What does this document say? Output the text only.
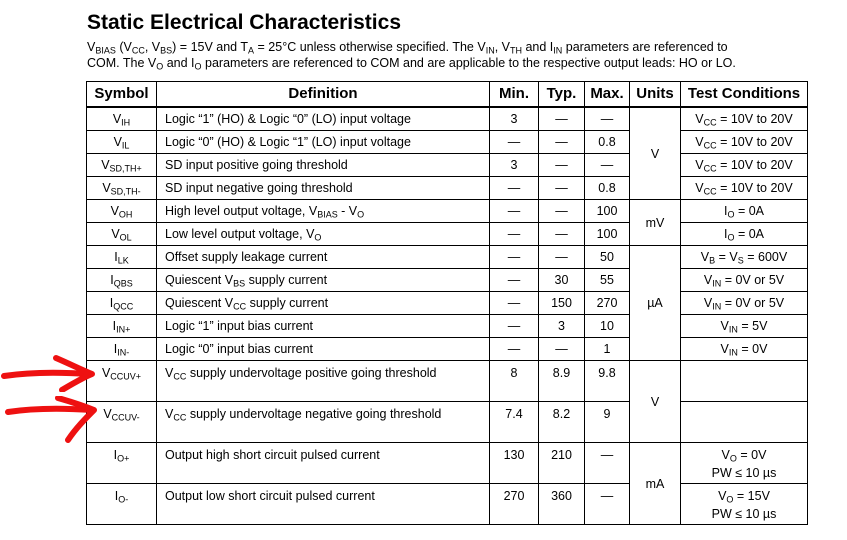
Static Electrical Characteristics
$V_{BIAS}$ ($V_{CC}$, $V_{BS}) = 15V$ and $T_A = 25^\circ C$ unless otherwise specified. The $V_{IN}$, $V_{TH}$ and $I_{IN}$ parameters are referenced to
COM. The $V_O$ and $I_O$ parameters are referenced to COM and are applicable to the respective output leads: HO or LO.
Symbol	Definition	Min.	Typ.	Max.	Units	Test Conditions
$V_{IH}$	Logic “1” (HO) & Logic “0” (LO) input voltage	3	—	—	V	$V_{CC} = 10V$ to 20V

$V_{IL}$	Logic “0” (HO) & Logic “1” (LO) input voltage	—	—	0.8		$V_{CC} = 10V$ to 20V

$V_{SD,TH+}$	SD input positive going threshold	3	—	—		$V_{CC} = 10V$ to 20V

$V_{SD,TH-}$	SD input negative going threshold	—	—	0.8		$V_{CC} = 10V$ to 20V

$V_{OH}$	High level output voltage, $V_{BIAS} - V_O$	—	—	100	mV	$I_O = 0A$

$V_{OL}$	Low level output voltage, $V_O$	—	—	100		$I_O = 0A$

$I_{LK}$	Offset supply leakage current	—	—	50	µA	$V_B = V_S = 600V$

$I_{QBS}$	Quiescent $V_{BS}$ supply current	—	30	55		$V_{IN} = 0V$ or 5V

$I_{QCC}$	Quiescent $V_{CC}$ supply current	—	150	270		$V_{IN} = 0V$ or 5V

$I_{IN+}$	Logic “1” input bias current	—	3	10		$V_{IN} = 5V$

$I_{IN-}$	Logic “0” input bias current	—	—	1		$V_{IN} = 0V$

$V_{CCUV+}$	$V_{CC}$ supply undervoltage positive going threshold	8	8.9	9.8	V	
$V_{CCUV-}$	$V_{CC}$ supply undervoltage negative going threshold	7.4	8.2	9		
$I_{O+}$	Output high short circuit pulsed current	130	210	—	mA	$V_O = 0V$
PW ≤ 10 µs

$I_{O-}$	Output low short circuit pulsed current	270	360	—		$V_O = 15V$
PW ≤ 10 µs
